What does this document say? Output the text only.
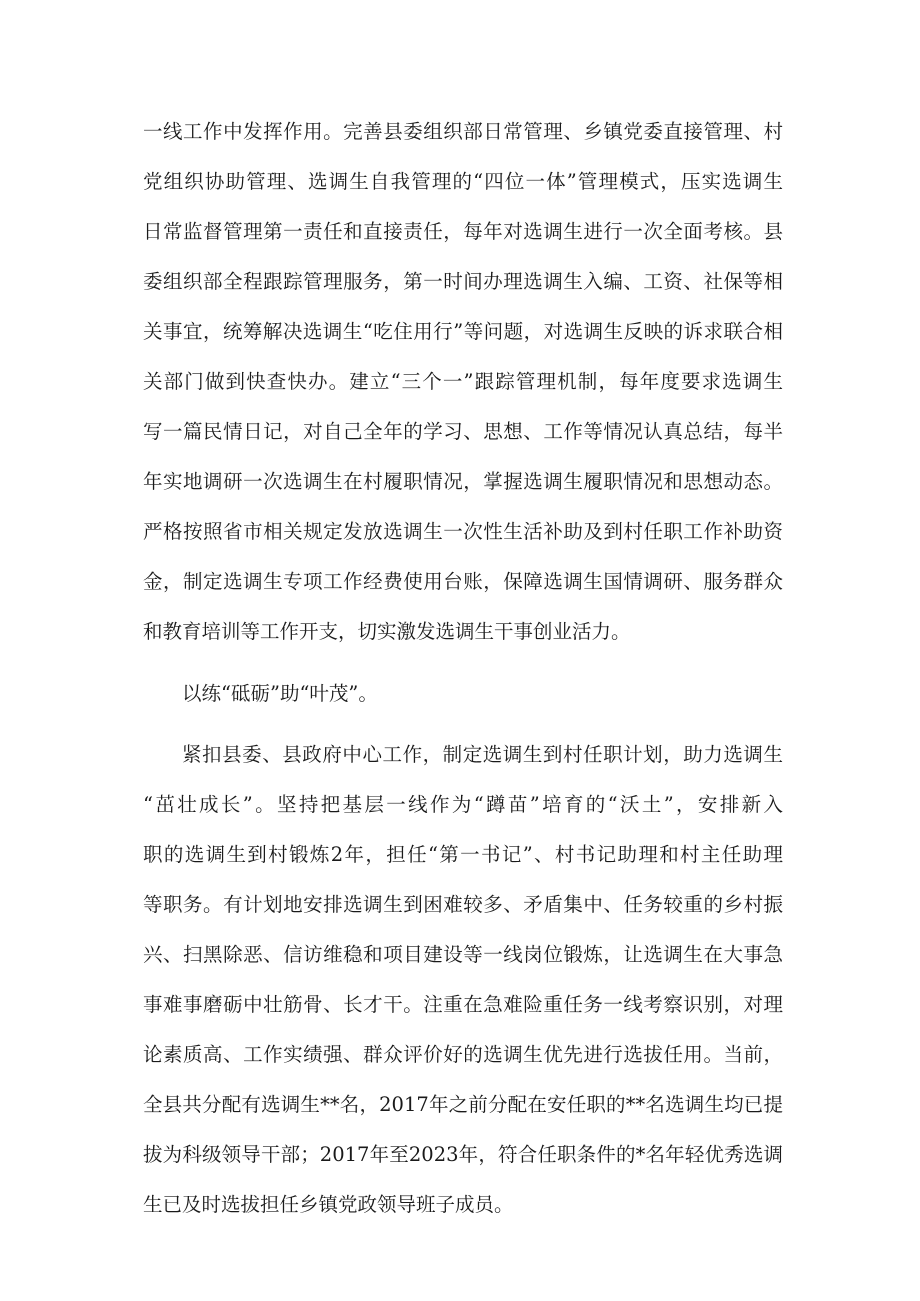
一线工作中发挥作用。完善县委组织部日常管理、乡镇党委直接管理、村
党组织协助管理、选调生自我管理的“四位一体”管理模式，压实选调生
日常监督管理第一责任和直接责任，每年对选调生进行一次全面考核。县
委组织部全程跟踪管理服务，第一时间办理选调生入编、工资、社保等相
关事宜，统筹解决选调生“吃住用行”等问题，对选调生反映的诉求联合相
关部门做到快查快办。建立“三个一”跟踪管理机制，每年度要求选调生
写一篇民情日记，对自己全年的学习、思想、工作等情况认真总结，每半
年实地调研一次选调生在村履职情况，掌握选调生履职情况和思想动态。
严格按照省市相关规定发放选调生一次性生活补助及到村任职工作补助资
金，制定选调生专项工作经费使用台账，保障选调生国情调研、服务群众
和教育培训等工作开支，切实激发选调生干事创业活力。
以练“砥砺”助“叶茂”。
紧扣县委、县政府中心工作，制定选调生到村任职计划，助力选调生
“茁壮成长”。坚持把基层一线作为“蹲苗”培育的“沃土”，安排新入
职的选调生到村锻炼2年，担任“第一书记”、村书记助理和村主任助理
等职务。有计划地安排选调生到困难较多、矛盾集中、任务较重的乡村振
兴、扫黑除恶、信访维稳和项目建设等一线岗位锻炼，让选调生在大事急
事难事磨砺中壮筋骨、长才干。注重在急难险重任务一线考察识别，对理
论素质高、工作实绩强、群众评价好的选调生优先进行选拔任用。当前，
全县共分配有选调生**名，2017年之前分配在安任职的**名选调生均已提
拔为科级领导干部；2017年至2023年，符合任职条件的*名年轻优秀选调
生已及时选拔担任乡镇党政领导班子成员。
